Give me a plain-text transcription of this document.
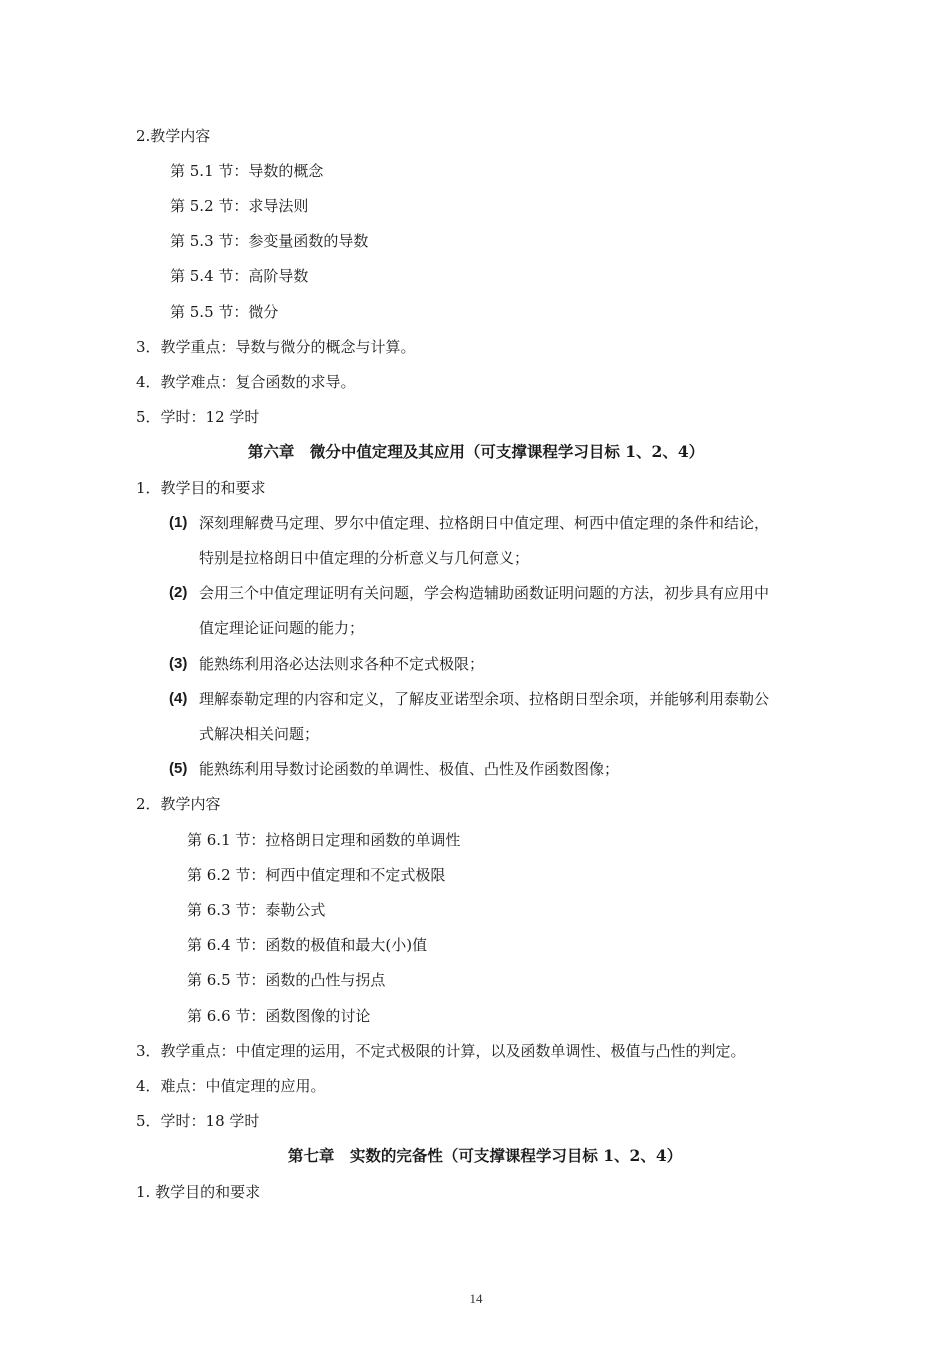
2.教学内容
第 5.1 节：导数的概念
第 5.2 节：求导法则
第 5.3 节：参变量函数的导数
第 5.4 节：高阶导数
第 5.5 节：微分
3．教学重点：导数与微分的概念与计算。
4．教学难点：复合函数的求导。
5．学时：12 学时
第六章　微分中值定理及其应用（可支撑课程学习目标 1、2、4）
1．教学目的和要求
(1) 深刻理解费马定理、罗尔中值定理、拉格朗日中值定理、柯西中值定理的条件和结论，
特别是拉格朗日中值定理的分析意义与几何意义；
(2) 会用三个中值定理证明有关问题，学会构造辅助函数证明问题的方法，初步具有应用中
值定理论证问题的能力；
(3) 能熟练利用洛必达法则求各种不定式极限；
(4) 理解泰勒定理的内容和定义，了解皮亚诺型余项、拉格朗日型余项，并能够利用泰勒公
式解决相关问题；
(5) 能熟练利用导数讨论函数的单调性、极值、凸性及作函数图像；
2．教学内容
第 6.1 节：拉格朗日定理和函数的单调性
第 6.2 节：柯西中值定理和不定式极限
第 6.3 节：泰勒公式
第 6.4 节：函数的极值和最大(小)值
第 6.5 节：函数的凸性与拐点
第 6.6 节：函数图像的讨论
3．教学重点：中值定理的运用，不定式极限的计算，以及函数单调性、极值与凸性的判定。
4．难点：中值定理的应用。
5．学时：18 学时
第七章　实数的完备性（可支撑课程学习目标 1、2、4）
1. 教学目的和要求
14
